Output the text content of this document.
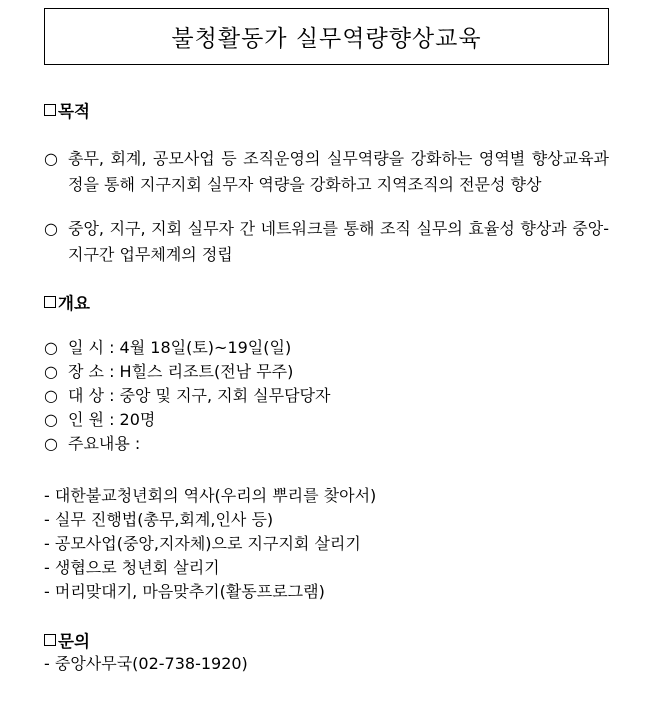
불청활동가 실무역량향상교육
목적
○ 총무, 회계, 공모사업 등 조직운영의 실무역량을 강화하는 영역별 향상교육과정을 통해 지구지회 실무자 역량을 강화하고 지역조직의 전문성 향상
○ 중앙, 지구, 지회 실무자 간 네트워크를 통해 조직 실무의 효율성 향상과 중앙-지구간 업무체계의 정립
개요
○ 일 시 : 4월 18일(토)~19일(일)
○ 장 소 : H힐스 리조트(전남 무주)
○ 대 상 : 중앙 및 지구, 지회 실무담당자
○ 인 원 : 20명
○ 주요내용 :
- 대한불교청년회의 역사(우리의 뿌리를 찾아서)
- 실무 진행법(총무,회계,인사 등)
- 공모사업(중앙,지자체)으로 지구지회 살리기
- 생협으로 청년회 살리기
- 머리맞대기, 마음맞추기(활동프로그램)
문의
- 중앙사무국(02-738-1920)
